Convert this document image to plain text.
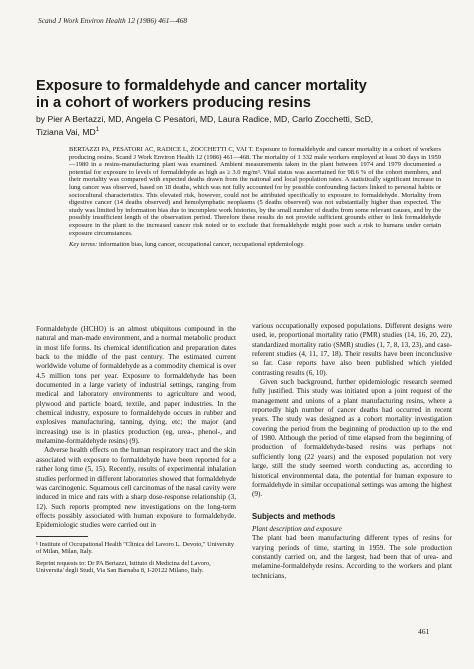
Scand J Work Environ Health 12 (1986) 461—468
Exposure to formaldehyde and cancer mortality
in a cohort of workers producing resins
by Pier A Bertazzi, MD, Angela C Pesatori, MD, Laura Radice, MD, Carlo Zocchetti, ScD,
Tiziana Vai, $MD^1$

BERTAZZI PA, PESATORI AC, RADICE L, ZOCCHETTI C, VAI T. Exposure to formaldehyde and cancer mortality in a cohort of workers producing resins. Scand J Work Environ Health 12 (1986) 461—468. The mortality of 1 332 male workers employed at least 30 days in 1959—1980 in a resins-manufacturing plant was examined. Ambient measurements taken in the plant between 1974 and 1979 documented a potential for exposure to levels of formaldehyde as high as ≥ 3.0 mg/m³. Vital status was ascertained for 98.6 % of the cohort members, and their mortality was compared with expected deaths drawn from the national and local population rates. A statistically significant increase in lung cancer was observed, based on 18 deaths, which was not fully accounted for by possible confounding factors linked to personal habits or sociocultural characteristics. This elevated risk, however, could not be attributed specifically to exposure to formaldehyde. Mortality from digestive cancer (14 deaths observed) and hemolymphatic neoplasms (5 deaths observed) was not substantially higher than expected. The study was limited by information bias due to incomplete work histories, by the small number of deaths from some relevant causes, and by the possibly insufficient length of the observation period. Therefore these results do not provide sufficient grounds either to link formaldehyde exposure in the plant to the increased cancer risk noted or to exclude that formaldehyde might pose such a risk to humans under certain exposure circumstances.

Key terms: information bias, lung cancer, occupational cancer, occupational epidemiology.

Formaldehyde (HCHO) is an almost ubiquitous compound in the natural and man-made environment, and a normal metabolic product in most life forms. Its chemical identification and preparation dates back to the middle of the past century. The estimated current worldwide volume of formaldehyde as a commodity chemical is over 4.5 million tons per year. Exposure to formaldehyde has been documented in a large variety of industrial settings, ranging from medical and laboratory environments to agriculture and wood, plywood and particle board, textile, and paper industries. In the chemical industry, exposure to formaldehyde occurs in rubber and explosives manufacturing, tanning, dying, etc; the major (and increasing) use is in plastics production (eg, urea-, phenol-, and melamine-formaldehyde resins) (9).

Adverse health effects on the human respiratory tract and the skin associated with exposure to formaldehyde have been reported for a rather long time (5, 15). Recently, results of experimental inhalation studies performed in different laboratories showed that formaldehyde was carcinogenic. Squamous cell carcinomas of the nasal cavity were induced in mice and rats with a sharp dose-response relationship (3, 12). Such reports prompted new investigations on the long-term effects possibly associated with human exposure to formaldehyde. Epidemiologic studies were carried out in

¹ Institute of Occupational Health "Clinica del Lavoro L. Devoto," University of Milan, Milan, Italy.

Reprint requests to: Dr PA Bertazzi, Istituto di Medicina del Lavoro, Universita' degli Studi, Via San Barnaba 8, I-20122 Milano, Italy.

various occupationally exposed populations. Different designs were used, ie, proportional mortality ratio (PMR) studies (14, 16, 20, 22), standardized mortality ratio (SMR) studies (1, 7, 8, 13, 23), and case-referent studies (4, 11, 17, 18). Their results have been inconclusive so far. Case reports have also been published which yielded contrasting results (6, 10).

Given such background, further epidemiologic research seemed fully justified. This study was initiated upon a joint request of the management and unions of a plant manufacturing resins, where a reportedly high number of cancer deaths had occurred in recent years. The study was designed as a cohort mortality investigation covering the period from the beginning of production up to the end of 1980. Although the period of time elapsed from the beginning of production of formaldehyde-based resins was perhaps not sufficiently long (22 years) and the exposed population not very large, still the study seemed worth conducting as, according to historical environmental data, the potential for human exposure to formaldehyde in similar occupational settings was among the highest (9).

Subjects and methods

Plant description and exposure

The plant had been manufacturing different types of resins for varying periods of time, starting in 1959. The sole production constantly carried on, and the largest, had been that of urea- and melamine-formaldehyde resins. According to the workers and plant technicians,

461
